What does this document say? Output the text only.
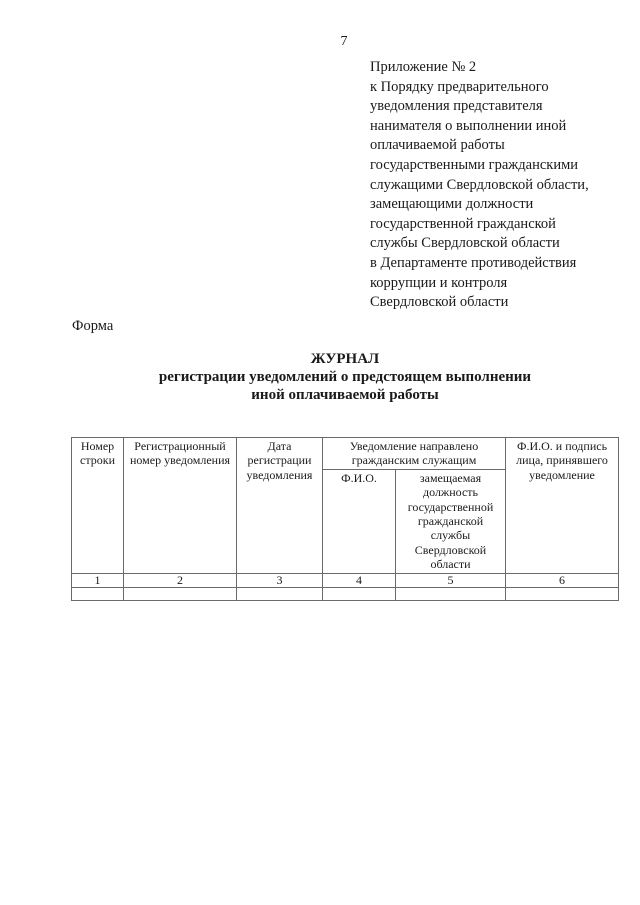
7
Приложение № 2
к Порядку предварительного
уведомления представителя
нанимателя о выполнении иной
оплачиваемой работы
государственными гражданскими
служащими Свердловской области,
замещающими должности
государственной гражданской
службы Свердловской области
в Департаменте противодействия
коррупции и контроля
Свердловской области
Форма
ЖУРНАЛ
регистрации уведомлений о предстоящем выполнении
иной оплачиваемой работы
Номер строки	Регистрационный номер уведомления	Дата регистрации уведомления	Уведомление направлено гражданским служащим		Ф.И.О. и подпись лица, принявшего уведомление
			Ф.И.О.	замещаемая должность государственной гражданской службы Свердловской области	
1	2	3	4	5	6
